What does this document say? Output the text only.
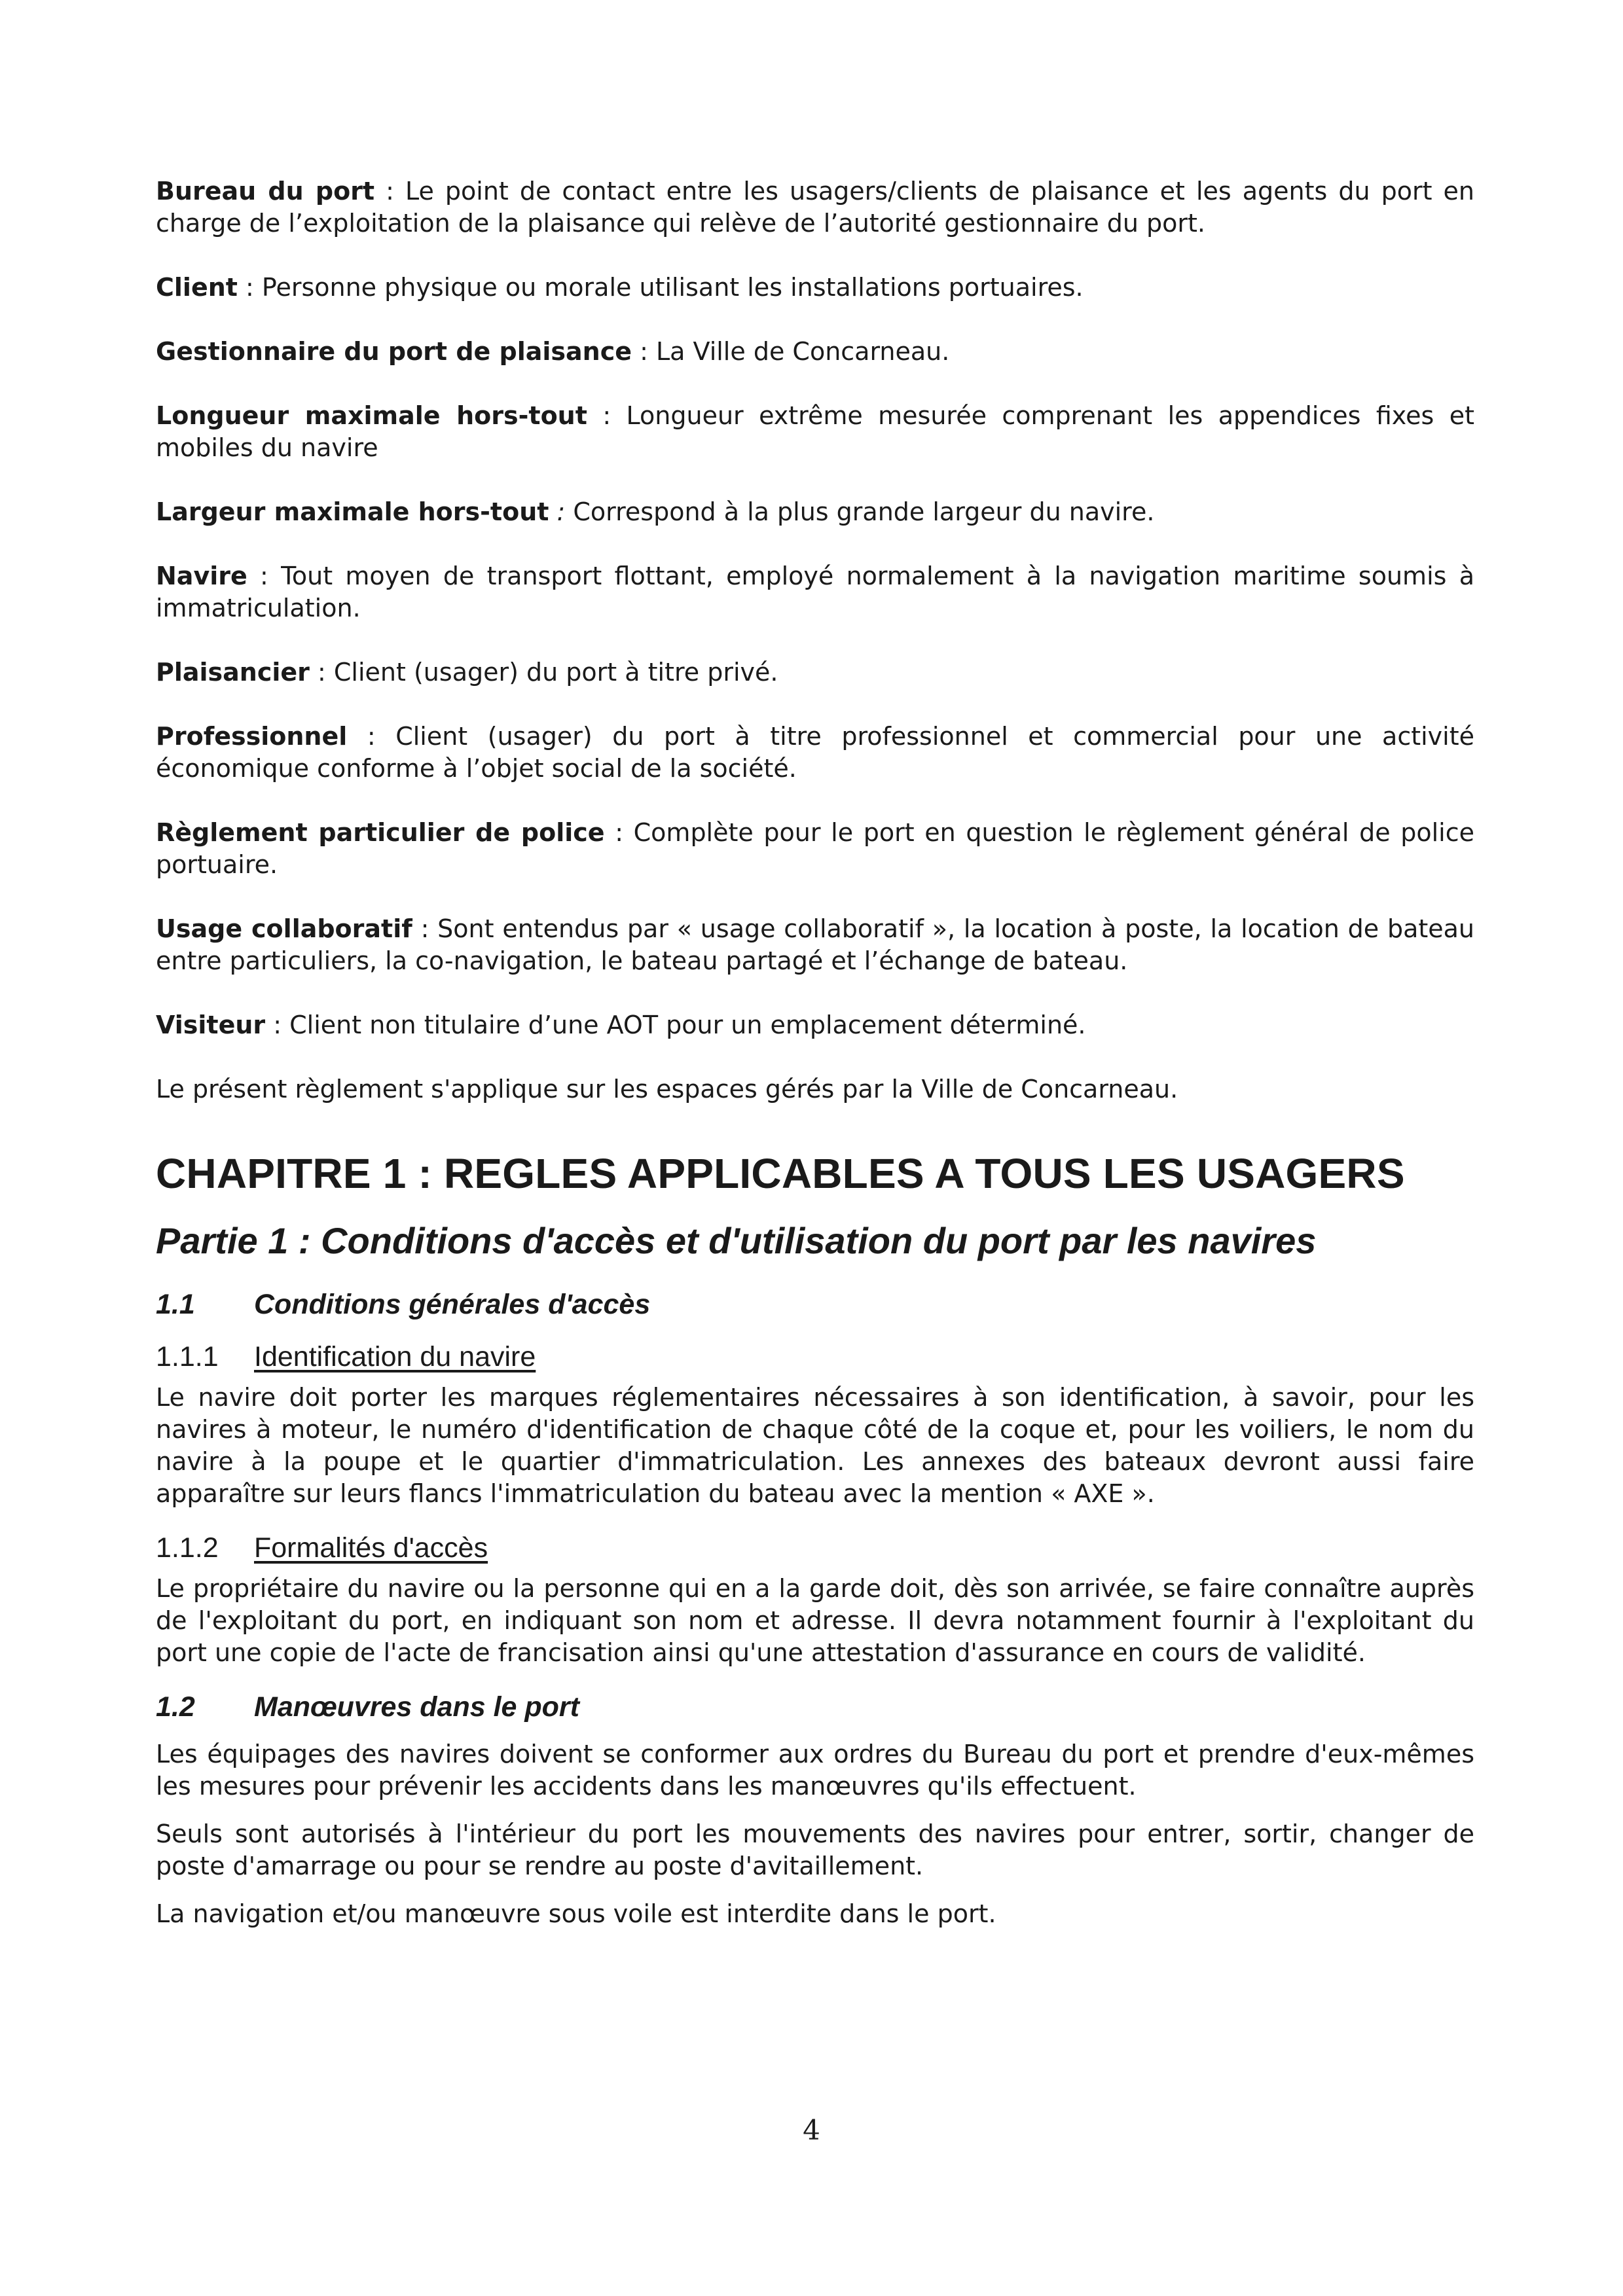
Bureau du port : Le point de contact entre les usagers/clients de plaisance et les agents du port en charge de l’exploitation de la plaisance qui relève de l’autorité gestionnaire du port.

Client : Personne physique ou morale utilisant les installations portuaires.

Gestionnaire du port de plaisance : La Ville de Concarneau.

Longueur maximale hors-tout : Longueur extrême mesurée comprenant les appendices fixes et mobiles du navire

Largeur maximale hors-tout : Correspond à la plus grande largeur du navire.

Navire : Tout moyen de transport flottant, employé normalement à la navigation maritime soumis à immatriculation.

Plaisancier : Client (usager) du port à titre privé.

Professionnel : Client (usager) du port à titre professionnel et commercial pour une activité économique conforme à l’objet social de la société.

Règlement particulier de police : Complète pour le port en question le règlement général de police portuaire.

Usage collaboratif : Sont entendus par « usage collaboratif », la location à poste, la location de bateau entre particuliers, la co-navigation, le bateau partagé et l’échange de bateau.

Visiteur : Client non titulaire d’une AOT pour un emplacement déterminé.

Le présent règlement s'applique sur les espaces gérés par la Ville de Concarneau.

CHAPITRE 1 : REGLES APPLICABLES A TOUS LES USAGERS
Partie 1 : Conditions d'accès et d'utilisation du port par les navires
1.1	Conditions générales d'accès
1.1.1	Identification du navire

Le navire doit porter les marques réglementaires nécessaires à son identification, à savoir, pour les navires à moteur, le numéro d'identification de chaque côté de la coque et, pour les voiliers, le nom du navire à la poupe et le quartier d'immatriculation. Les annexes des bateaux devront aussi faire apparaître sur leurs flancs l'immatriculation du bateau avec la mention « AXE ».

1.1.2	Formalités d'accès

Le propriétaire du navire ou la personne qui en a la garde doit, dès son arrivée, se faire connaître auprès de l'exploitant du port, en indiquant son nom et adresse. Il devra notamment fournir à l'exploitant du port une copie de l'acte de francisation ainsi qu'une attestation d'assurance en cours de validité.

1.2	Manœuvres dans le port

Les équipages des navires doivent se conformer aux ordres du Bureau du port et prendre d'eux-mêmes les mesures pour prévenir les accidents dans les manœuvres qu'ils effectuent.

Seuls sont autorisés à l'intérieur du port les mouvements des navires pour entrer, sortir, changer de poste d'amarrage ou pour se rendre au poste d'avitaillement.

La navigation et/ou manœuvre sous voile est interdite dans le port.

4
